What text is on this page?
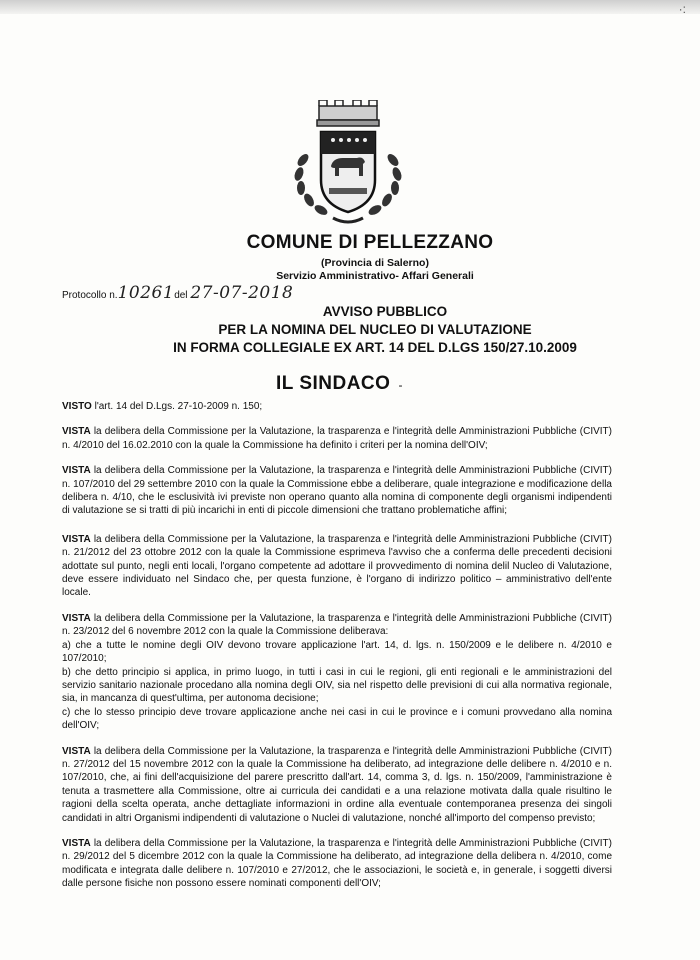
·:
COMUNE DI PELLEZZANO
(Provincia di Salerno)
Servizio Amministrativo- Affari Generali
Protocollo n.10261del 27-07-2018
AVVISO PUBBLICO
PER LA NOMINA DEL NUCLEO DI VALUTAZIONE
IN FORMA COLLEGIALE EX ART. 14 DEL D.LGS 150/27.10.2009
IL SINDACO -

VISTO l'art. 14 del D.Lgs. 27-10-2009 n. 150;

VISTA la delibera della Commissione per la Valutazione, la trasparenza e l'integrità delle Amministrazioni Pubbliche (CIVIT) n. 4/2010 del 16.02.2010 con la quale la Commissione ha definito i criteri per la nomina dell'OIV;

VISTA la delibera della Commissione per la Valutazione, la trasparenza e l'integrità delle Amministrazioni Pubbliche (CIVIT) n. 107/2010 del 29 settembre 2010 con la quale la Commissione ebbe a deliberare, quale integrazione e modificazione della delibera n. 4/10, che le esclusività ivi previste non operano quanto alla nomina di componente degli organismi indipendenti di valutazione se si tratti di più incarichi in enti di piccole dimensioni che trattano problematiche affini;

VISTA la delibera della Commissione per la Valutazione, la trasparenza e l'integrità delle Amministrazioni Pubbliche (CIVIT) n. 21/2012 del 23 ottobre 2012 con la quale la Commissione esprimeva l'avviso che a conferma delle precedenti decisioni adottate sul punto, negli enti locali, l'organo competente ad adottare il provvedimento di nomina delil Nucleo di Valutazione, deve essere individuato nel Sindaco che, per questa funzione, è l'organo di indirizzo politico – amministrativo dell'ente locale.

VISTA la delibera della Commissione per la Valutazione, la trasparenza e l'integrità delle Amministrazioni Pubbliche (CIVIT) n. 23/2012 del 6 novembre 2012 con la quale la Commissione deliberava:

a) che a tutte le nomine degli OIV devono trovare applicazione l'art. 14, d. lgs. n. 150/2009 e le delibere n. 4/2010 e 107/2010;

b) che detto principio si applica, in primo luogo, in tutti i casi in cui le regioni, gli enti regionali e le amministrazioni del servizio sanitario nazionale procedano alla nomina degli OIV, sia nel rispetto delle previsioni di cui alla normativa regionale, sia, in mancanza di quest'ultima, per autonoma decisione;

c) che lo stesso principio deve trovare applicazione anche nei casi in cui le province e i comuni provvedano alla nomina dell'OIV;

VISTA la delibera della Commissione per la Valutazione, la trasparenza e l'integrità delle Amministrazioni Pubbliche (CIVIT) n. 27/2012 del 15 novembre 2012 con la quale la Commissione ha deliberato, ad integrazione delle delibere n. 4/2010 e n. 107/2010, che, ai fini dell'acquisizione del parere prescritto dall'art. 14, comma 3, d. lgs. n. 150/2009, l'amministrazione è tenuta a trasmettere alla Commissione, oltre ai curricula dei candidati e a una relazione motivata dalla quale risultino le ragioni della scelta operata, anche dettagliate informazioni in ordine alla eventuale contemporanea presenza dei singoli candidati in altri Organismi indipendenti di valutazione o Nuclei di valutazione, nonché all'importo del compenso previsto;

VISTA la delibera della Commissione per la Valutazione, la trasparenza e l'integrità delle Amministrazioni Pubbliche (CIVIT) n. 29/2012 del 5 dicembre 2012 con la quale la Commissione ha deliberato, ad integrazione della delibera n. 4/2010, come modificata e integrata dalle delibere n. 107/2010 e 27/2012, che le associazioni, le società e, in generale, i soggetti diversi dalle persone fisiche non possono essere nominati componenti dell'OIV;
